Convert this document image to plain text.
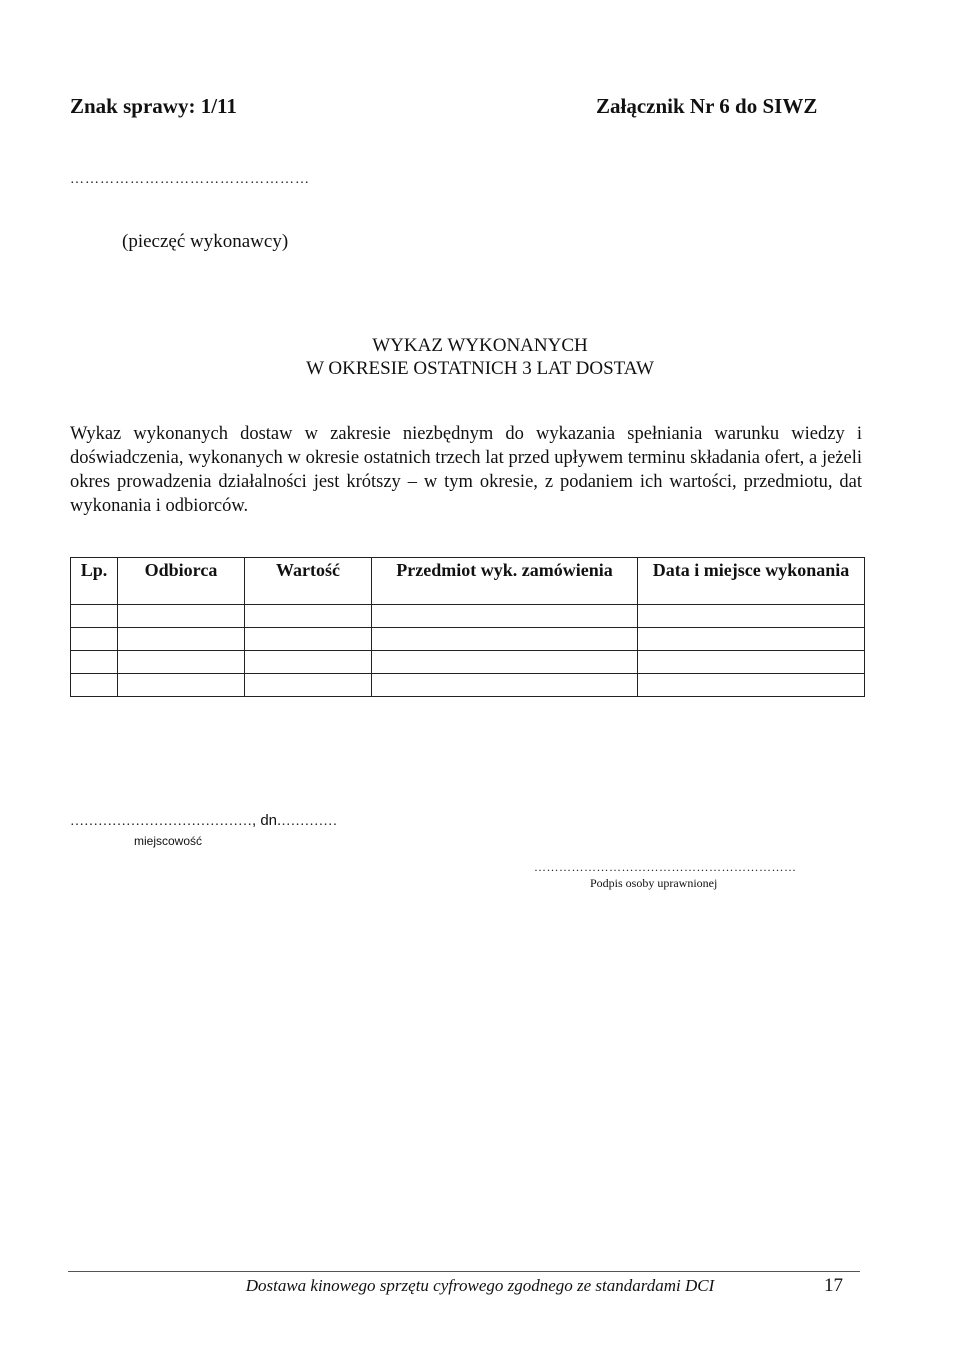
Znak sprawy: 1/11	Załącznik Nr 6 do SIWZ
…………………………………………
(pieczęć wykonawcy)
WYKAZ WYKONANYCH
W OKRESIE OSTATNICH 3 LAT DOSTAW

Wykaz wykonanych dostaw w zakresie niezbędnym do wykazania spełniania warunku wiedzy i doświadczenia, wykonanych w okresie ostatnich trzech lat przed upływem terminu składania ofert, a jeżeli okres prowadzenia działalności jest krótszy – w tym okresie, z podaniem ich wartości, przedmiotu, dat wykonania i odbiorców.

Lp.	Odbiorca	Wartość	Przedmiot wyk. zamówienia	Data i miejsce wykonania

…………………………………, dn.…………
miejscowość
………………………………………………………
Podpis osoby uprawnionej
Dostawa kinowego sprzętu cyfrowego zgodnego ze standardami DCI	17
